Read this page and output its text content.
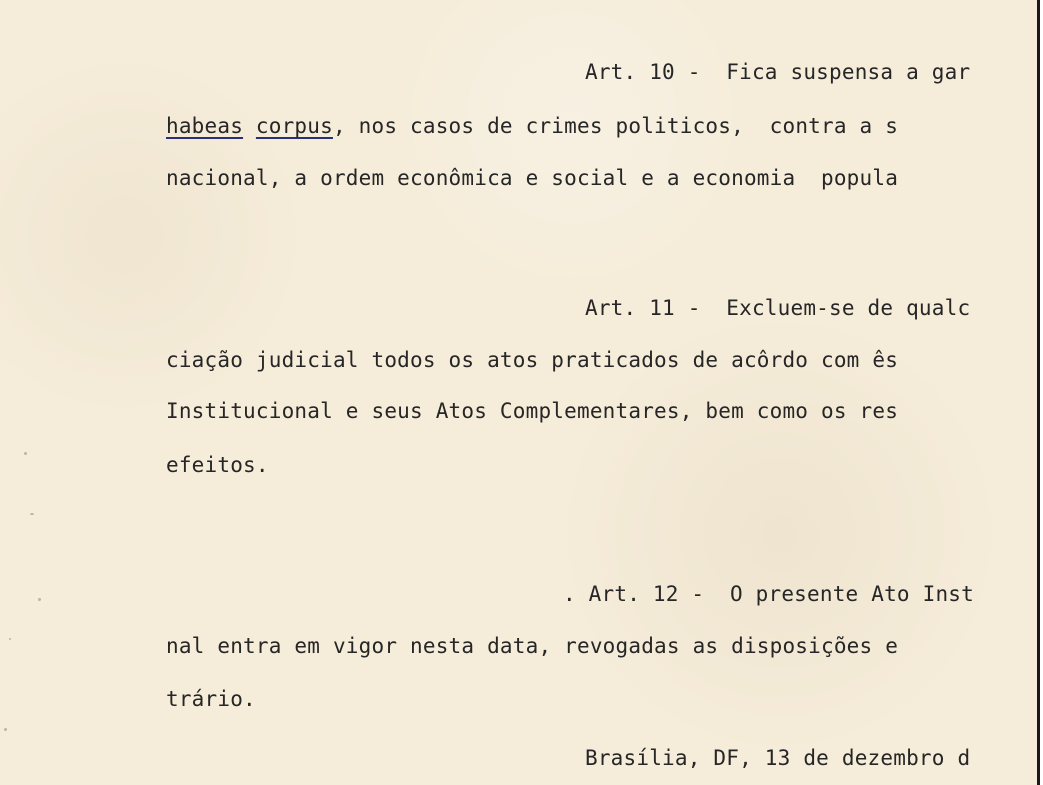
Art. 10 -  Fica suspensa a gar

habeas corpus, nos casos de crimes politicos,  contra a s

nacional, a ordem econômica e social e a economia  popula

Art. 11 -  Excluem-se de qualc

ciação judicial todos os atos praticados de acôrdo com ês

Institucional e seus Atos Complementares, bem como os res

efeitos.

. Art. 12 -  O presente Ato Inst

nal entra em vigor nesta data, revogadas as disposições e

trário.

Brasília, DF, 13 de dezembro d
